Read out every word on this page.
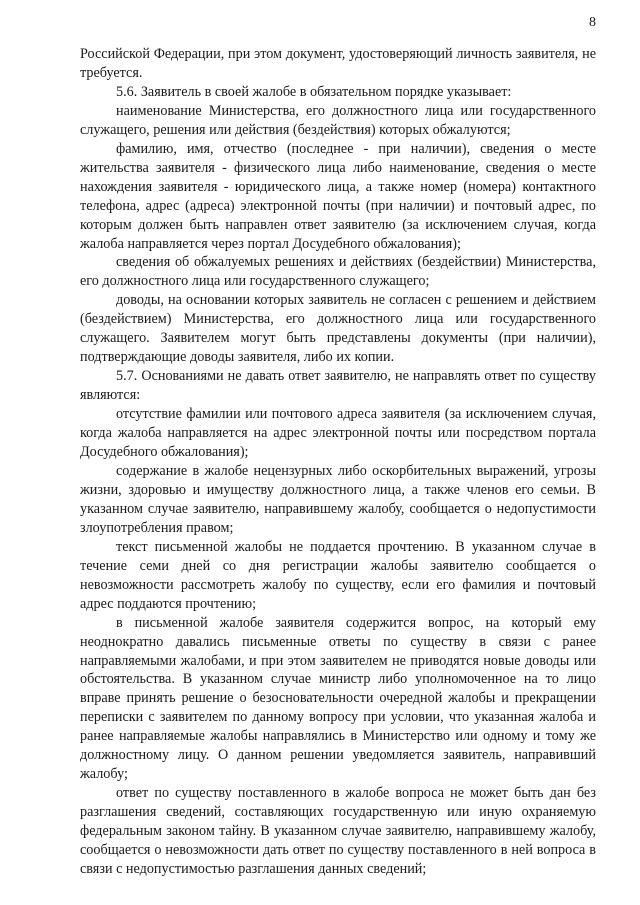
8

Российской Федерации, при этом документ, удостоверяющий личность заявителя, не требуется.

5.6. Заявитель в своей жалобе в обязательном порядке указывает:

наименование Министерства, его должностного лица или государственного служащего, решения или действия (бездействия) которых обжалуются;

фамилию, имя, отчество (последнее - при наличии), сведения о месте жительства заявителя - физического лица либо наименование, сведения о месте нахождения заявителя - юридического лица, а также номер (номера) контактного телефона, адрес (адреса) электронной почты (при наличии) и почтовый адрес, по которым должен быть направлен ответ заявителю (за исключением случая, когда жалоба направляется через портал Досудебного обжалования);

сведения об обжалуемых решениях и действиях (бездействии) Министерства, его должностного лица или государственного служащего;

доводы, на основании которых заявитель не согласен с решением и действием (бездействием) Министерства, его должностного лица или государственного служащего. Заявителем могут быть представлены документы (при наличии), подтверждающие доводы заявителя, либо их копии.

5.7. Основаниями не давать ответ заявителю, не направлять ответ по существу являются:

отсутствие фамилии или почтового адреса заявителя (за исключением случая, когда жалоба направляется на адрес электронной почты или посредством портала Досудебного обжалования);

содержание в жалобе нецензурных либо оскорбительных выражений, угрозы жизни, здоровью и имуществу должностного лица, а также членов его семьи. В указанном случае заявителю, направившему жалобу, сообщается о недопустимости злоупотребления правом;

текст письменной жалобы не поддается прочтению. В указанном случае в течение семи дней со дня регистрации жалобы заявителю сообщается о невозможности рассмотреть жалобу по существу, если его фамилия и почтовый адрес поддаются прочтению;

в письменной жалобе заявителя содержится вопрос, на который ему неоднократно давались письменные ответы по существу в связи с ранее направляемыми жалобами, и при этом заявителем не приводятся новые доводы или обстоятельства. В указанном случае министр либо уполномоченное на то лицо вправе принять решение о безосновательности очередной жалобы и прекращении переписки с заявителем по данному вопросу при условии, что указанная жалоба и ранее направляемые жалобы направлялись в Министерство или одному и тому же должностному лицу. О данном решении уведомляется заявитель, направивший жалобу;

ответ по существу поставленного в жалобе вопроса не может быть дан без разглашения сведений, составляющих государственную или иную охраняемую федеральным законом тайну. В указанном случае заявителю, направившему жалобу, сообщается о невозможности дать ответ по существу поставленного в ней вопроса в связи с недопустимостью разглашения данных сведений;
